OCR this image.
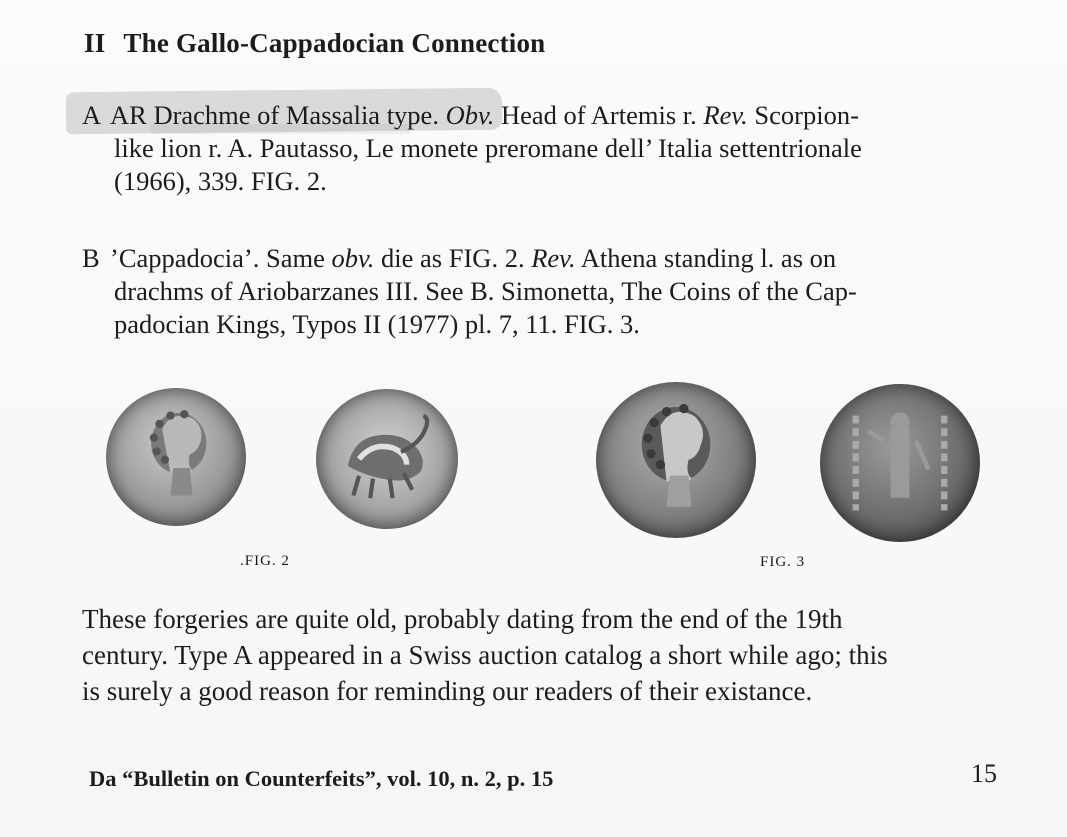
II The Gallo-Cappadocian Connection
A AR Drachme of Massalia type. Obv. Head of Artemis r. Rev. Scorpion-
like lion r. A. Pautasso, Le monete preromane dell’ Italia settentrionale
(1966), 339. FIG. 2.
B ’Cappadocia’. Same obv. die as FIG. 2. Rev. Athena standing l. as on
drachms of Ariobarzanes III. See B. Simonetta, The Coins of the Cap-
padocian Kings, Typos II (1977) pl. 7, 11. FIG. 3.
.FIG. 2	FIG. 3
These forgeries are quite old, probably dating from the end of the 19th
century. Type A appeared in a Swiss auction catalog a short while ago; this
is surely a good reason for reminding our readers of their existance.
Da “Bulletin on Counterfeits”, vol. 10, n. 2, p. 15	15
